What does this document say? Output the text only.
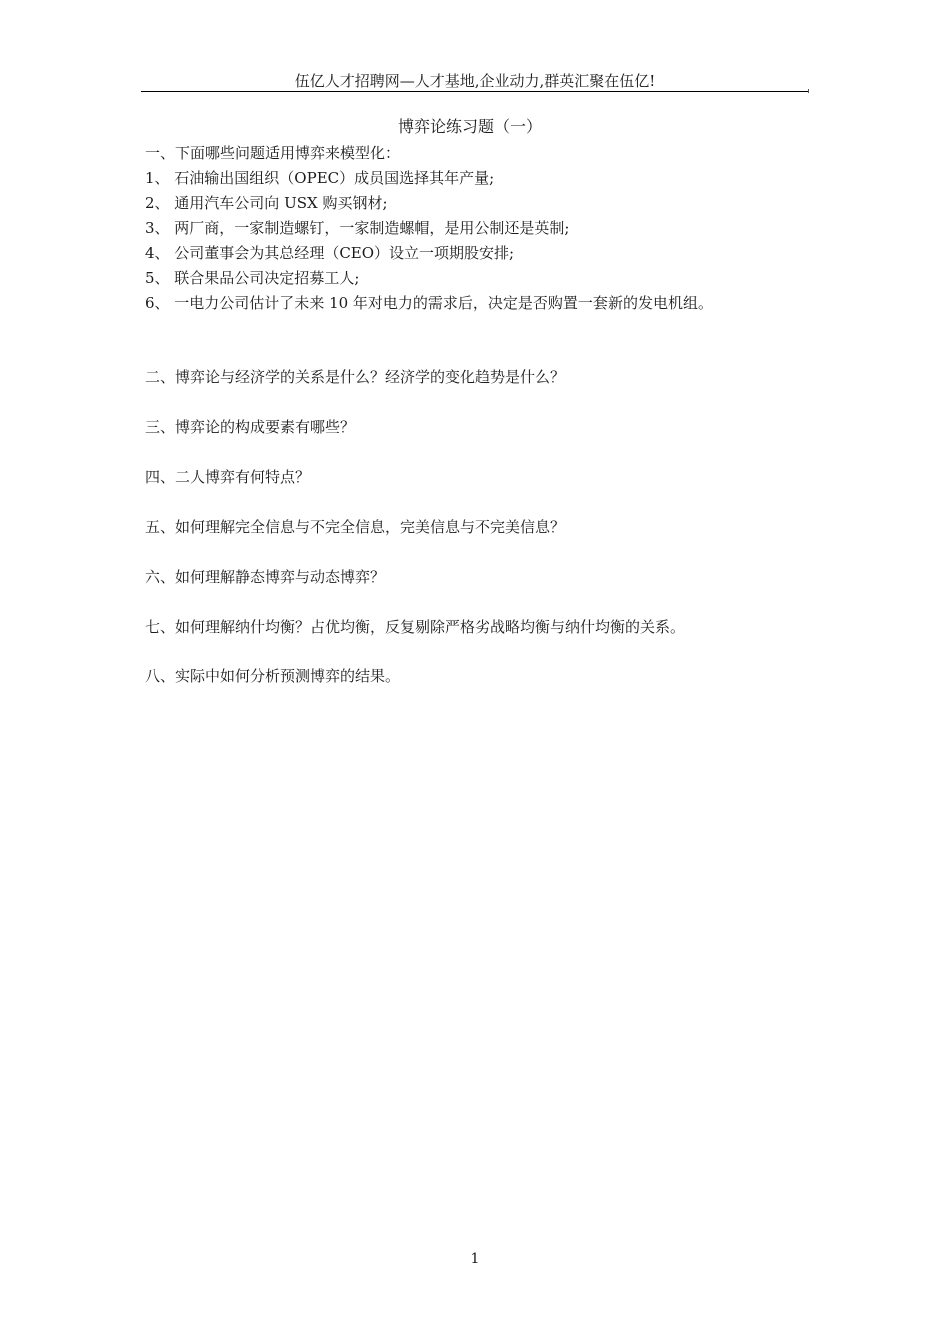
伍亿人才招聘网—人才基地,企业动力,群英汇聚在伍亿!
博弈论练习题（一）
一、下面哪些问题适用博弈来模型化：
1、 石油输出国组织（OPEC）成员国选择其年产量;
2、 通用汽车公司向 USX 购买钢材;
3、 两厂商，一家制造螺钉，一家制造螺帽，是用公制还是英制;
4、 公司董事会为其总经理（CEO）设立一项期股安排;
5、 联合果品公司决定招募工人;
6、 一电力公司估计了未来 10 年对电力的需求后，决定是否购置一套新的发电机组。
二、博弈论与经济学的关系是什么？经济学的变化趋势是什么？
三、博弈论的构成要素有哪些？
四、二人博弈有何特点？
五、如何理解完全信息与不完全信息，完美信息与不完美信息？
六、如何理解静态博弈与动态博弈？
七、如何理解纳什均衡？占优均衡，反复剔除严格劣战略均衡与纳什均衡的关系。
八、实际中如何分析预测博弈的结果。
1
